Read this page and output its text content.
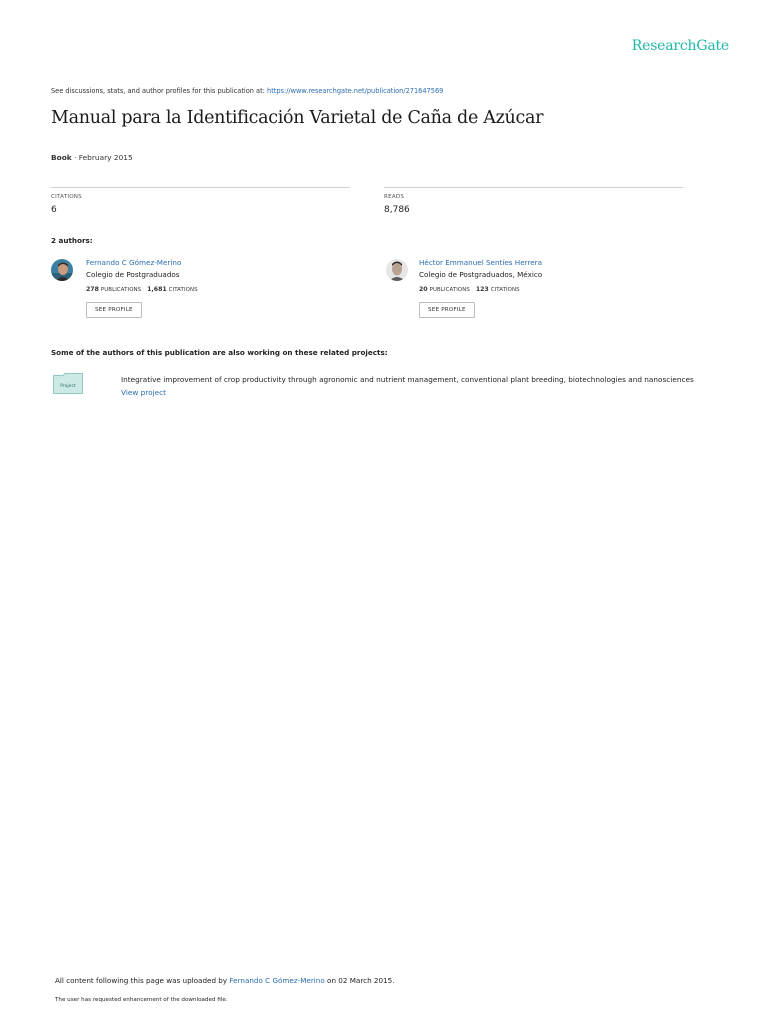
ResearchGate
See discussions, stats, and author profiles for this publication at: https://www.researchgate.net/publication/271647569
Manual para la Identificación Varietal de Caña de Azúcar
Book · February 2015
CITATIONS
6
READS
8,786
2 authors:
Fernando C Gómez-Merino
Colegio de Postgraduados
278 PUBLICATIONS 1,681 CITATIONS
SEE PROFILE
Héctor Emmanuel Sentíes Herrera
Colegio de Postgraduados, México
20 PUBLICATIONS 123 CITATIONS
SEE PROFILE
Some of the authors of this publication are also working on these related projects:
Project
Integrative improvement of crop productivity through agronomic and nutrient management, conventional plant breeding, biotechnologies and nanosciences View project
All content following this page was uploaded by Fernando C Gómez-Merino on 02 March 2015.
The user has requested enhancement of the downloaded file.
